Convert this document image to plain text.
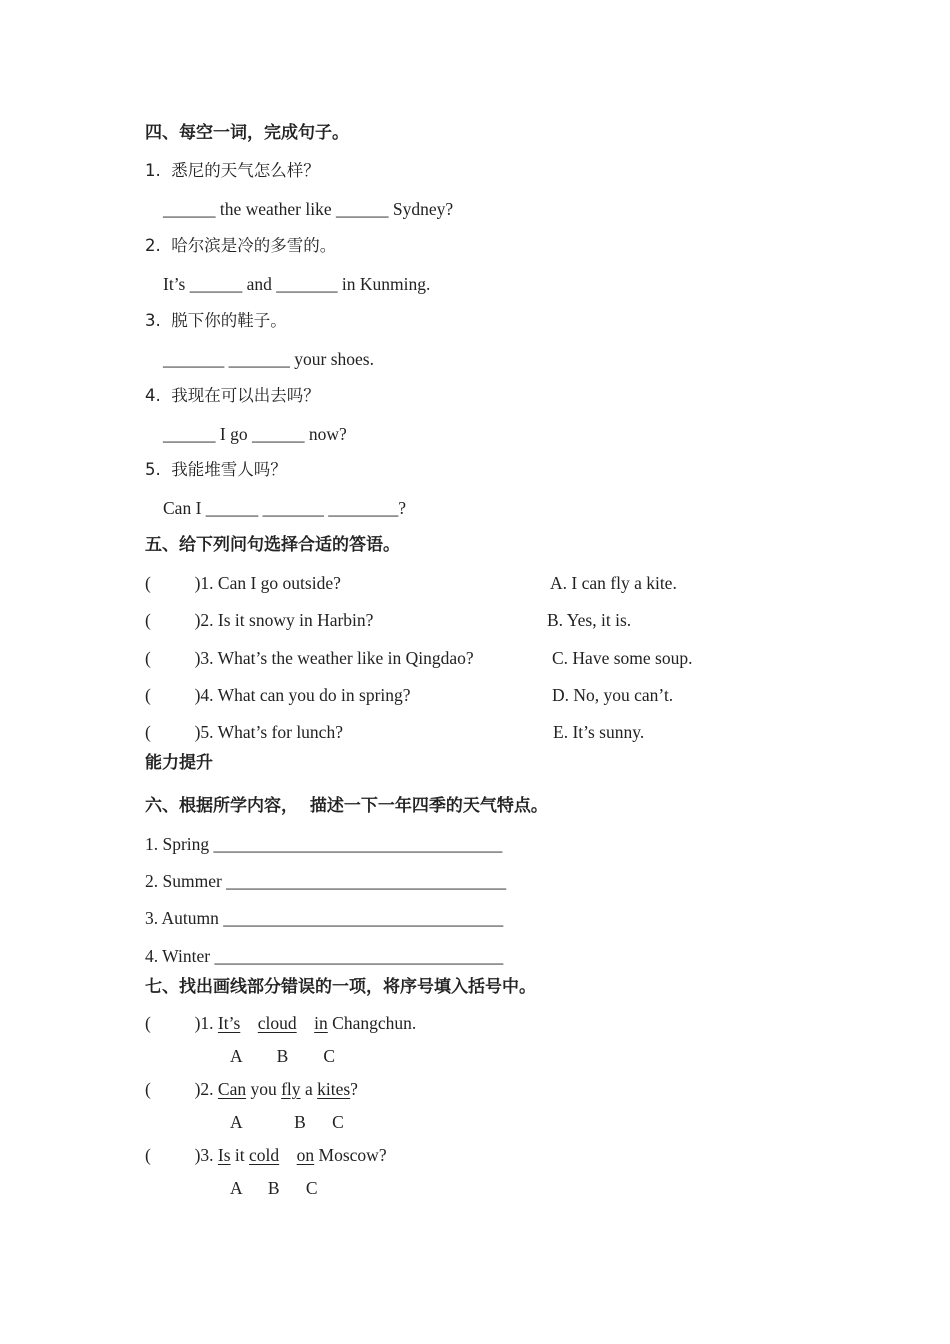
四、每空一词，完成句子。
1.  悉尼的天气怎么样？
______ the weather like ______ Sydney?
2.  哈尔滨是冷的多雪的。
It’s ______ and _______ in Kunming.
3.  脱下你的鞋子。
_______ _______ your shoes.
4.  我现在可以出去吗？
______ I go ______ now?
5.  我能堆雪人吗？
Can I ______ _______ ________?
五、给下列问句选择合适的答语。
(          )1. Can I go outside?	A. I can fly a kite.
(          )2. Is it snowy in Harbin?	B. Yes, it is.
(          )3. What’s the weather like in Qingdao?	C. Have some soup.
(          )4. What can you do in spring?	D. No, you can’t.
(          )5. What’s for lunch?	E. It’s sunny.
能力提升
六、根据所学内容，  描述一下一年四季的天气特点。
1. Spring _________________________________
2. Summer ________________________________
3. Autumn ________________________________
4. Winter _________________________________
七、找出画线部分错误的一项，将序号填入括号中。
(          )1. It’s cloud in Changchun.
A        B        C
(          )2. Can you fly a kites?
A            B      C
(          )3. Is it cold on Moscow?
A      B      C
